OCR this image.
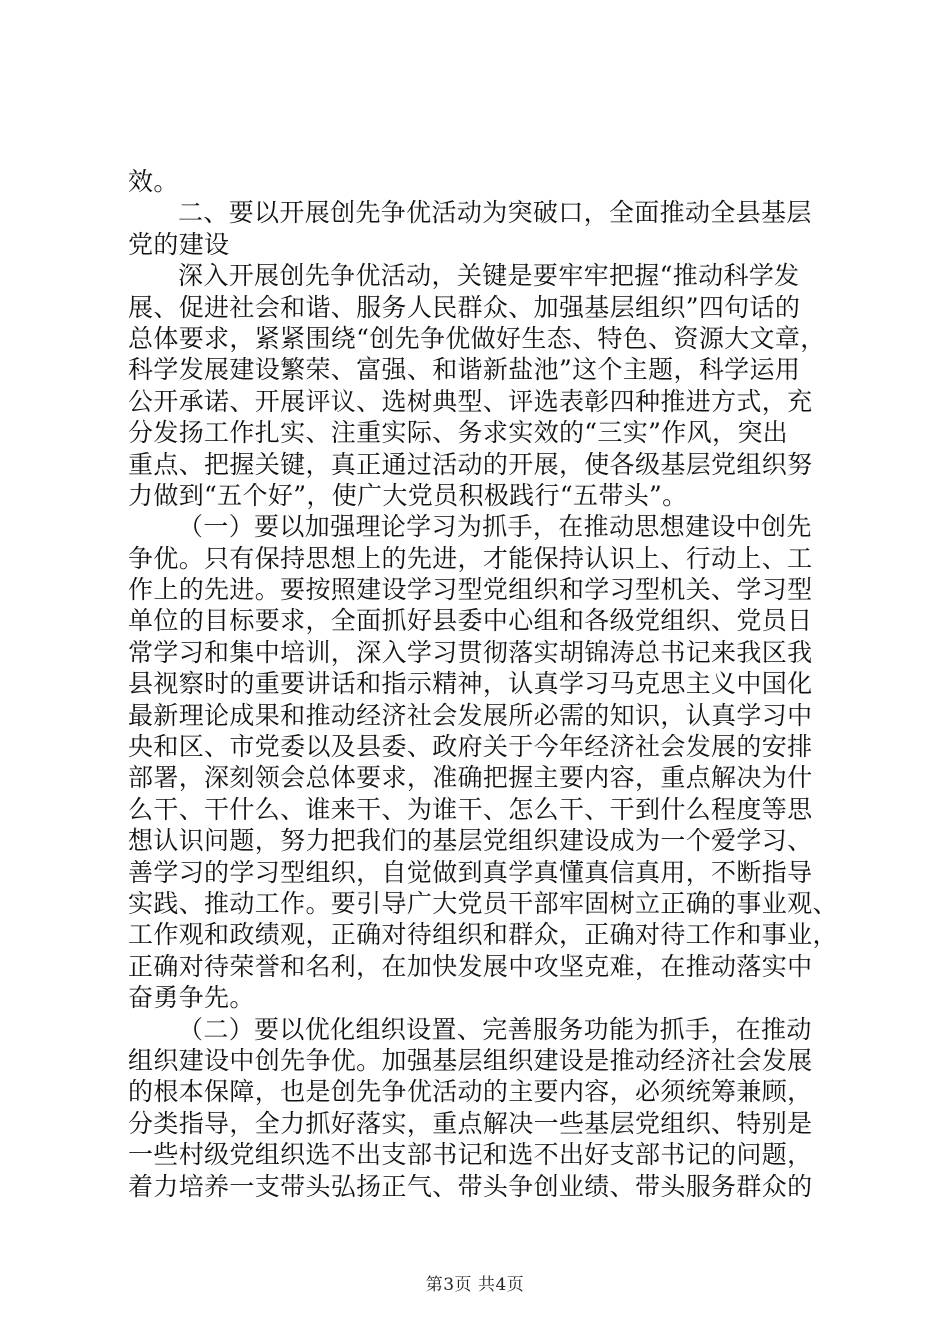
效。
二、要以开展创先争优活动为突破口，全面推动全县基层
党的建设
深入开展创先争优活动，关键是要牢牢把握“推动科学发
展、促进社会和谐、服务人民群众、加强基层组织”四句话的
总体要求，紧紧围绕“创先争优做好生态、特色、资源大文章，
科学发展建设繁荣、富强、和谐新盐池”这个主题，科学运用
公开承诺、开展评议、选树典型、评选表彰四种推进方式，充
分发扬工作扎实、注重实际、务求实效的“三实”作风，突出
重点、把握关键，真正通过活动的开展，使各级基层党组织努
力做到“五个好”，使广大党员积极践行“五带头”。
（一）要以加强理论学习为抓手，在推动思想建设中创先
争优。只有保持思想上的先进，才能保持认识上、行动上、工
作上的先进。要按照建设学习型党组织和学习型机关、学习型
单位的目标要求，全面抓好县委中心组和各级党组织、党员日
常学习和集中培训，深入学习贯彻落实胡锦涛总书记来我区我
县视察时的重要讲话和指示精神，认真学习马克思主义中国化
最新理论成果和推动经济社会发展所必需的知识，认真学习中
央和区、市党委以及县委、政府关于今年经济社会发展的安排
部署，深刻领会总体要求，准确把握主要内容，重点解决为什
么干、干什么、谁来干、为谁干、怎么干、干到什么程度等思
想认识问题，努力把我们的基层党组织建设成为一个爱学习、
善学习的学习型组织，自觉做到真学真懂真信真用，不断指导
实践、推动工作。要引导广大党员干部牢固树立正确的事业观、
工作观和政绩观，正确对待组织和群众，正确对待工作和事业，
正确对待荣誉和名利，在加快发展中攻坚克难，在推动落实中
奋勇争先。
（二）要以优化组织设置、完善服务功能为抓手，在推动
组织建设中创先争优。加强基层组织建设是推动经济社会发展
的根本保障，也是创先争优活动的主要内容，必须统筹兼顾，
分类指导，全力抓好落实，重点解决一些基层党组织、特别是
一些村级党组织选不出支部书记和选不出好支部书记的问题，
着力培养一支带头弘扬正气、带头争创业绩、带头服务群众的
第3页 共4页
